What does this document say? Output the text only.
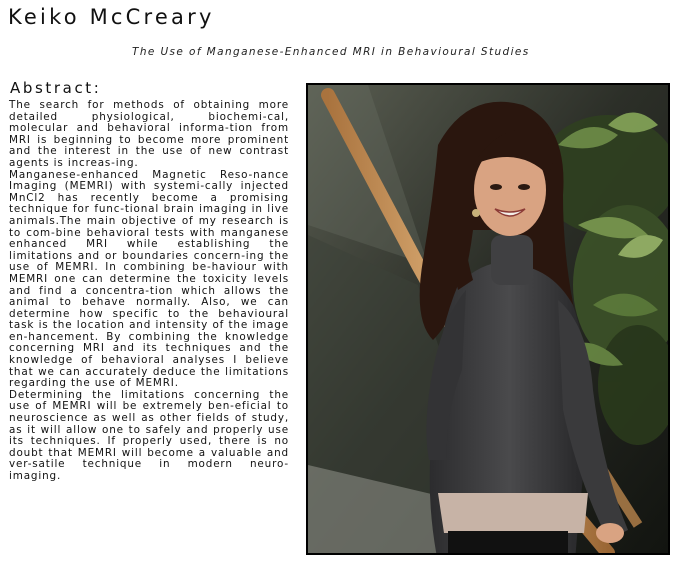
Keiko McCreary
The Use of Manganese-Enhanced MRI in Behavioural Studies
Abstract:

The search for methods of obtaining more detailed physiological, biochemi-cal, molecular and behavioral informa-tion from MRI is beginning to become more prominent and the interest in the use of new contrast agents is increas-ing.

Manganese-enhanced Magnetic Reso-nance Imaging (MEMRI) with systemi-cally injected MnCl2 has recently become a promising technique for func-tional brain imaging in live animals.The main objective of my research is to com-bine behavioral tests with manganese enhanced MRI while establishing the limitations and or boundaries concern-ing the use of MEMRI. In combining be-haviour with MEMRI one can determine the toxicity levels and find a concentra-tion which allows the animal to behave normally. Also, we can determine how specific to the behavioural task is the location and intensity of the image en-hancement. By combining the knowledge concerning MRI and its techniques and the knowledge of behavioral analyses I believe that we can accurately deduce the limitations regarding the use of MEMRI.

Determining the limitations concerning the use of MEMRI will be extremely ben-eficial to neuroscience as well as other fields of study, as it will allow one to safely and properly use its techniques. If properly used, there is no doubt that MEMRI will become a valuable and ver-satile technique in modern neuro-imaging.
